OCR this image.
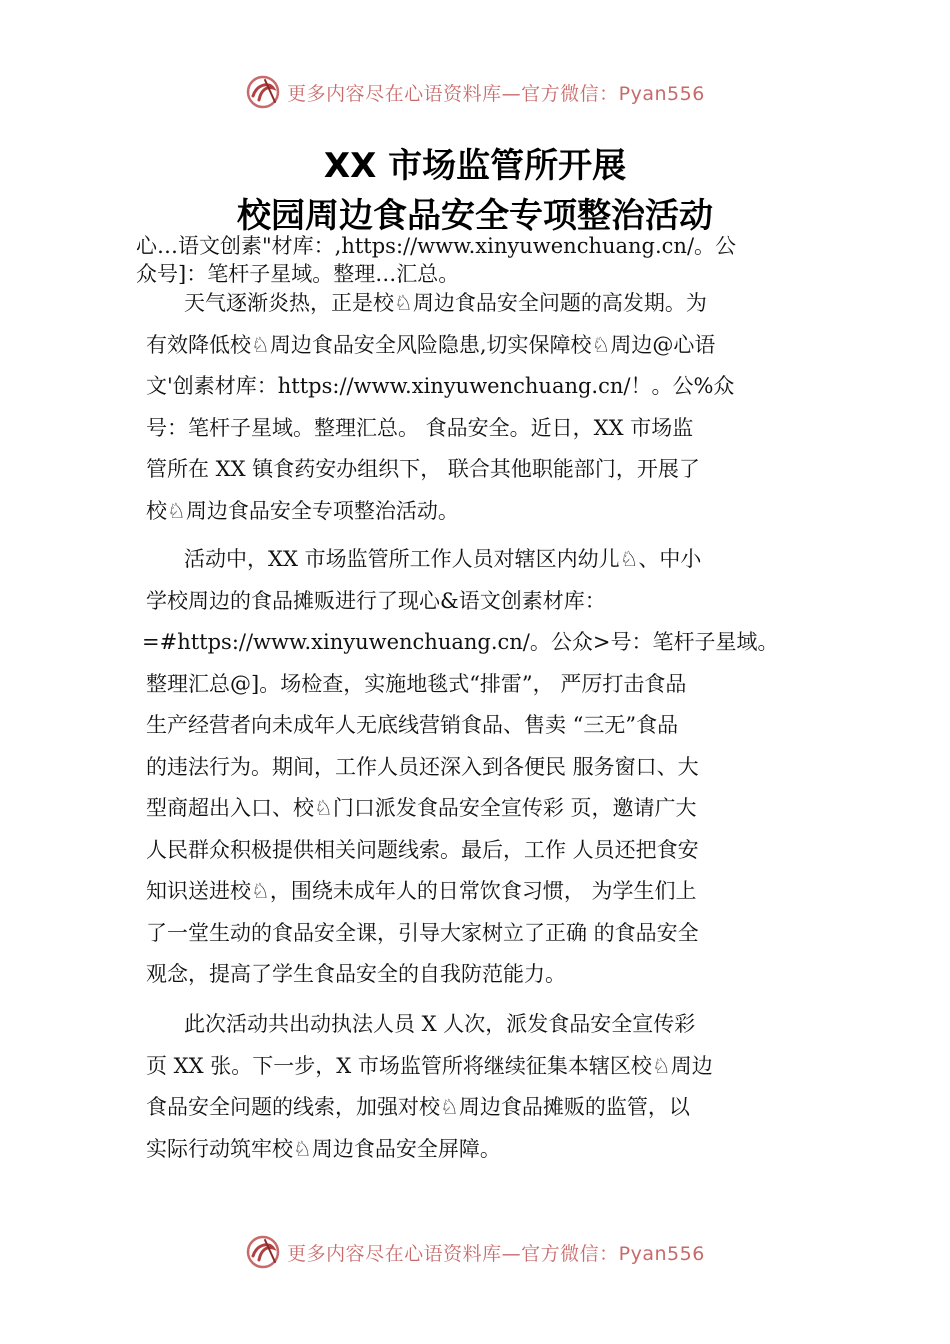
更多内容尽在心语资料库—官方微信：Pyan556
XX 市场监管所开展
校园周边食品安全专项整治活动
心…语文创素"材库：,https://www.xinyuwenchuang.cn/。公
众号]：笔杆子星域。整理…汇总。
天气逐渐炎热，正是校♘周边食品安全问题的高发期。为
有效降低校♘周边食品安全风险隐患,切实保障校♘周边@心语
文'创素材库：https://www.xinyuwenchuang.cn/！。公%众
号：笔杆子星域。整理汇总。 食品安全。近日，XX 市场监
管所在 XX 镇食药安办组织下， 联合其他职能部门，开展了
校♘周边食品安全专项整治活动。
活动中，XX 市场监管所工作人员对辖区内幼儿♘、中小
学校周边的食品摊贩进行了现心&语文创素材库：
=#https://www.xinyuwenchuang.cn/。公众>号：笔杆子星域。
整理汇总@]。场检查，实施地毯式“排雷”， 严厉打击食品
生产经营者向未成年人无底线营销食品、售卖 “三无”食品
的违法行为。期间，工作人员还深入到各便民 服务窗口、大
型商超出入口、校♘门口派发食品安全宣传彩 页，邀请广大
人民群众积极提供相关问题线索。最后，工作 人员还把食安
知识送进校♘，围绕未成年人的日常饮食习惯， 为学生们上
了一堂生动的食品安全课，引导大家树立了正确 的食品安全
观念，提高了学生食品安全的自我防范能力。
此次活动共出动执法人员 X 人次，派发食品安全宣传彩
页 XX 张。下一步，X 市场监管所将继续征集本辖区校♘周边
食品安全问题的线索，加强对校♘周边食品摊贩的监管，以
实际行动筑牢校♘周边食品安全屏障。
更多内容尽在心语资料库—官方微信：Pyan556
